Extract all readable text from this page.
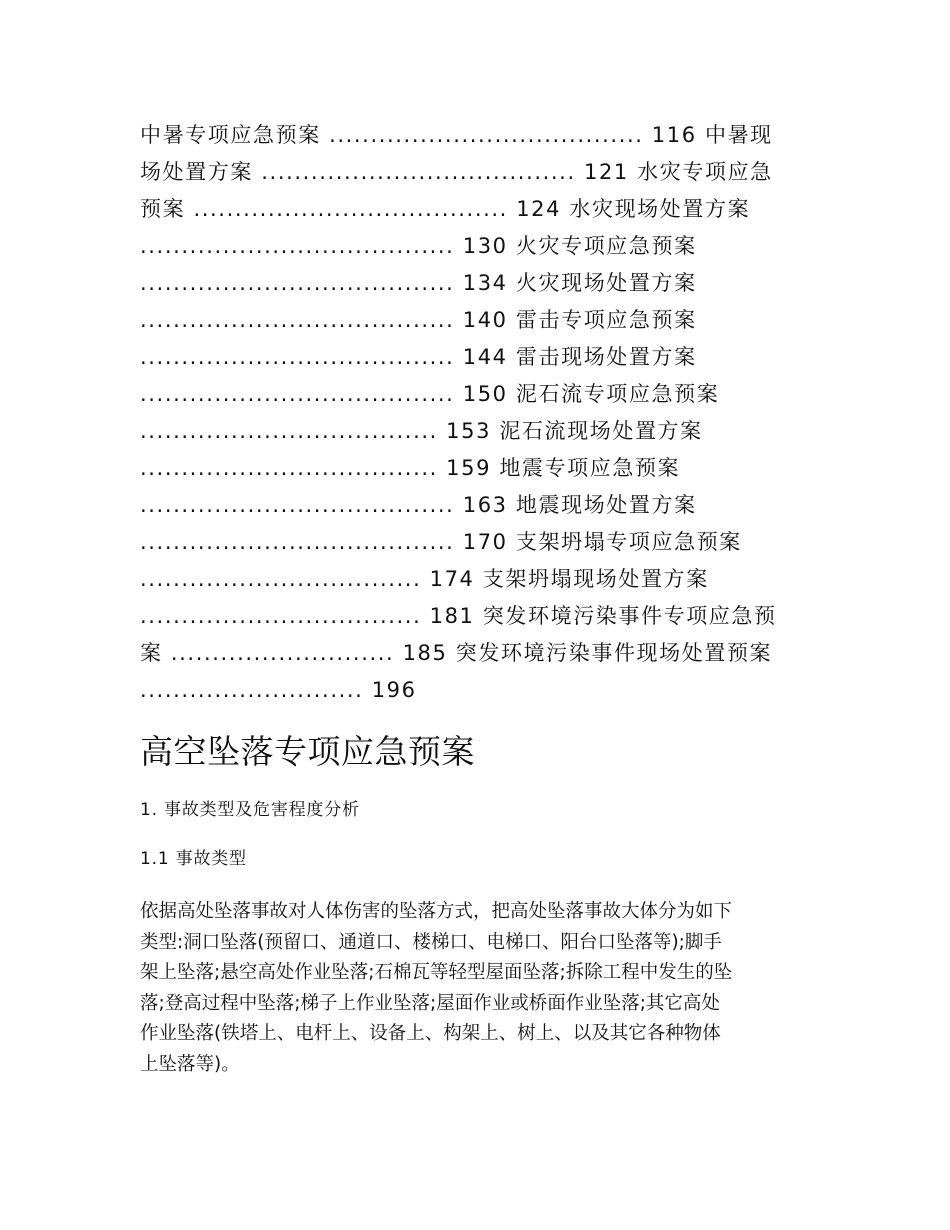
中暑专项应急预案 ...................................... 116 中暑现
场处置方案 ...................................... 121 水灾专项应急
预案 ...................................... 124 水灾现场处置方案
...................................... 130 火灾专项应急预案
...................................... 134 火灾现场处置方案
...................................... 140 雷击专项应急预案
...................................... 144 雷击现场处置方案
...................................... 150 泥石流专项应急预案
.................................... 153 泥石流现场处置方案
.................................... 159 地震专项应急预案
...................................... 163 地震现场处置方案
...................................... 170 支架坍塌专项应急预案
.................................. 174 支架坍塌现场处置方案
.................................. 181 突发环境污染事件专项应急预
案 ........................... 185 突发环境污染事件现场处置预案
........................... 196
高空坠落专项应急预案
1. 事故类型及危害程度分析
1.1 事故类型
依据高处坠落事故对人体伤害的坠落方式，把高处坠落事故大体分为如下
类型:洞口坠落(预留口、通道口、楼梯口、电梯口、阳台口坠落等);脚手
架上坠落;悬空高处作业坠落;石棉瓦等轻型屋面坠落;拆除工程中发生的坠
落;登高过程中坠落;梯子上作业坠落;屋面作业或桥面作业坠落;其它高处
作业坠落(铁塔上、电杆上、设备上、构架上、树上、以及其它各种物体
上坠落等)。
